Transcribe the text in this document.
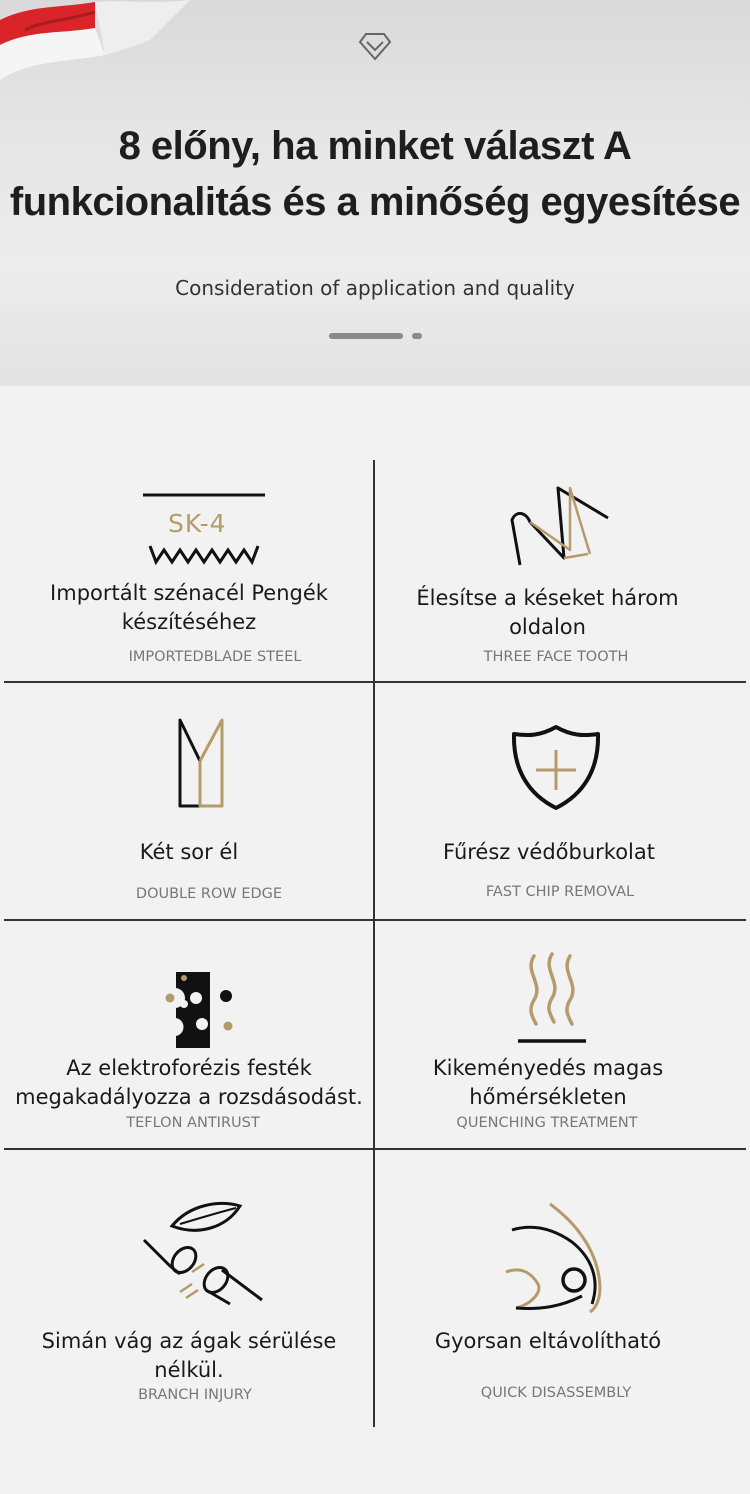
8 előny, ha minket választ A
funkcionalitás és a minőség egyesítése
Consideration of application and quality
SK-4
Importált szénacél Pengék
készítéséhez
IMPORTEDBLADE STEEL
Élesítse a késeket három
oldalon
THREE FACE TOOTH
Két sor él
DOUBLE ROW EDGE
Fűrész védőburkolat
FAST CHIP REMOVAL
Az elektroforézis festék
megakadályozza a rozsdásodást.
TEFLON ANTIRUST
Kikeményedés magas
hőmérsékleten
QUENCHING TREATMENT
Simán vág az ágak sérülése
nélkül.
BRANCH INJURY
Gyorsan eltávolítható
QUICK DISASSEMBLY
